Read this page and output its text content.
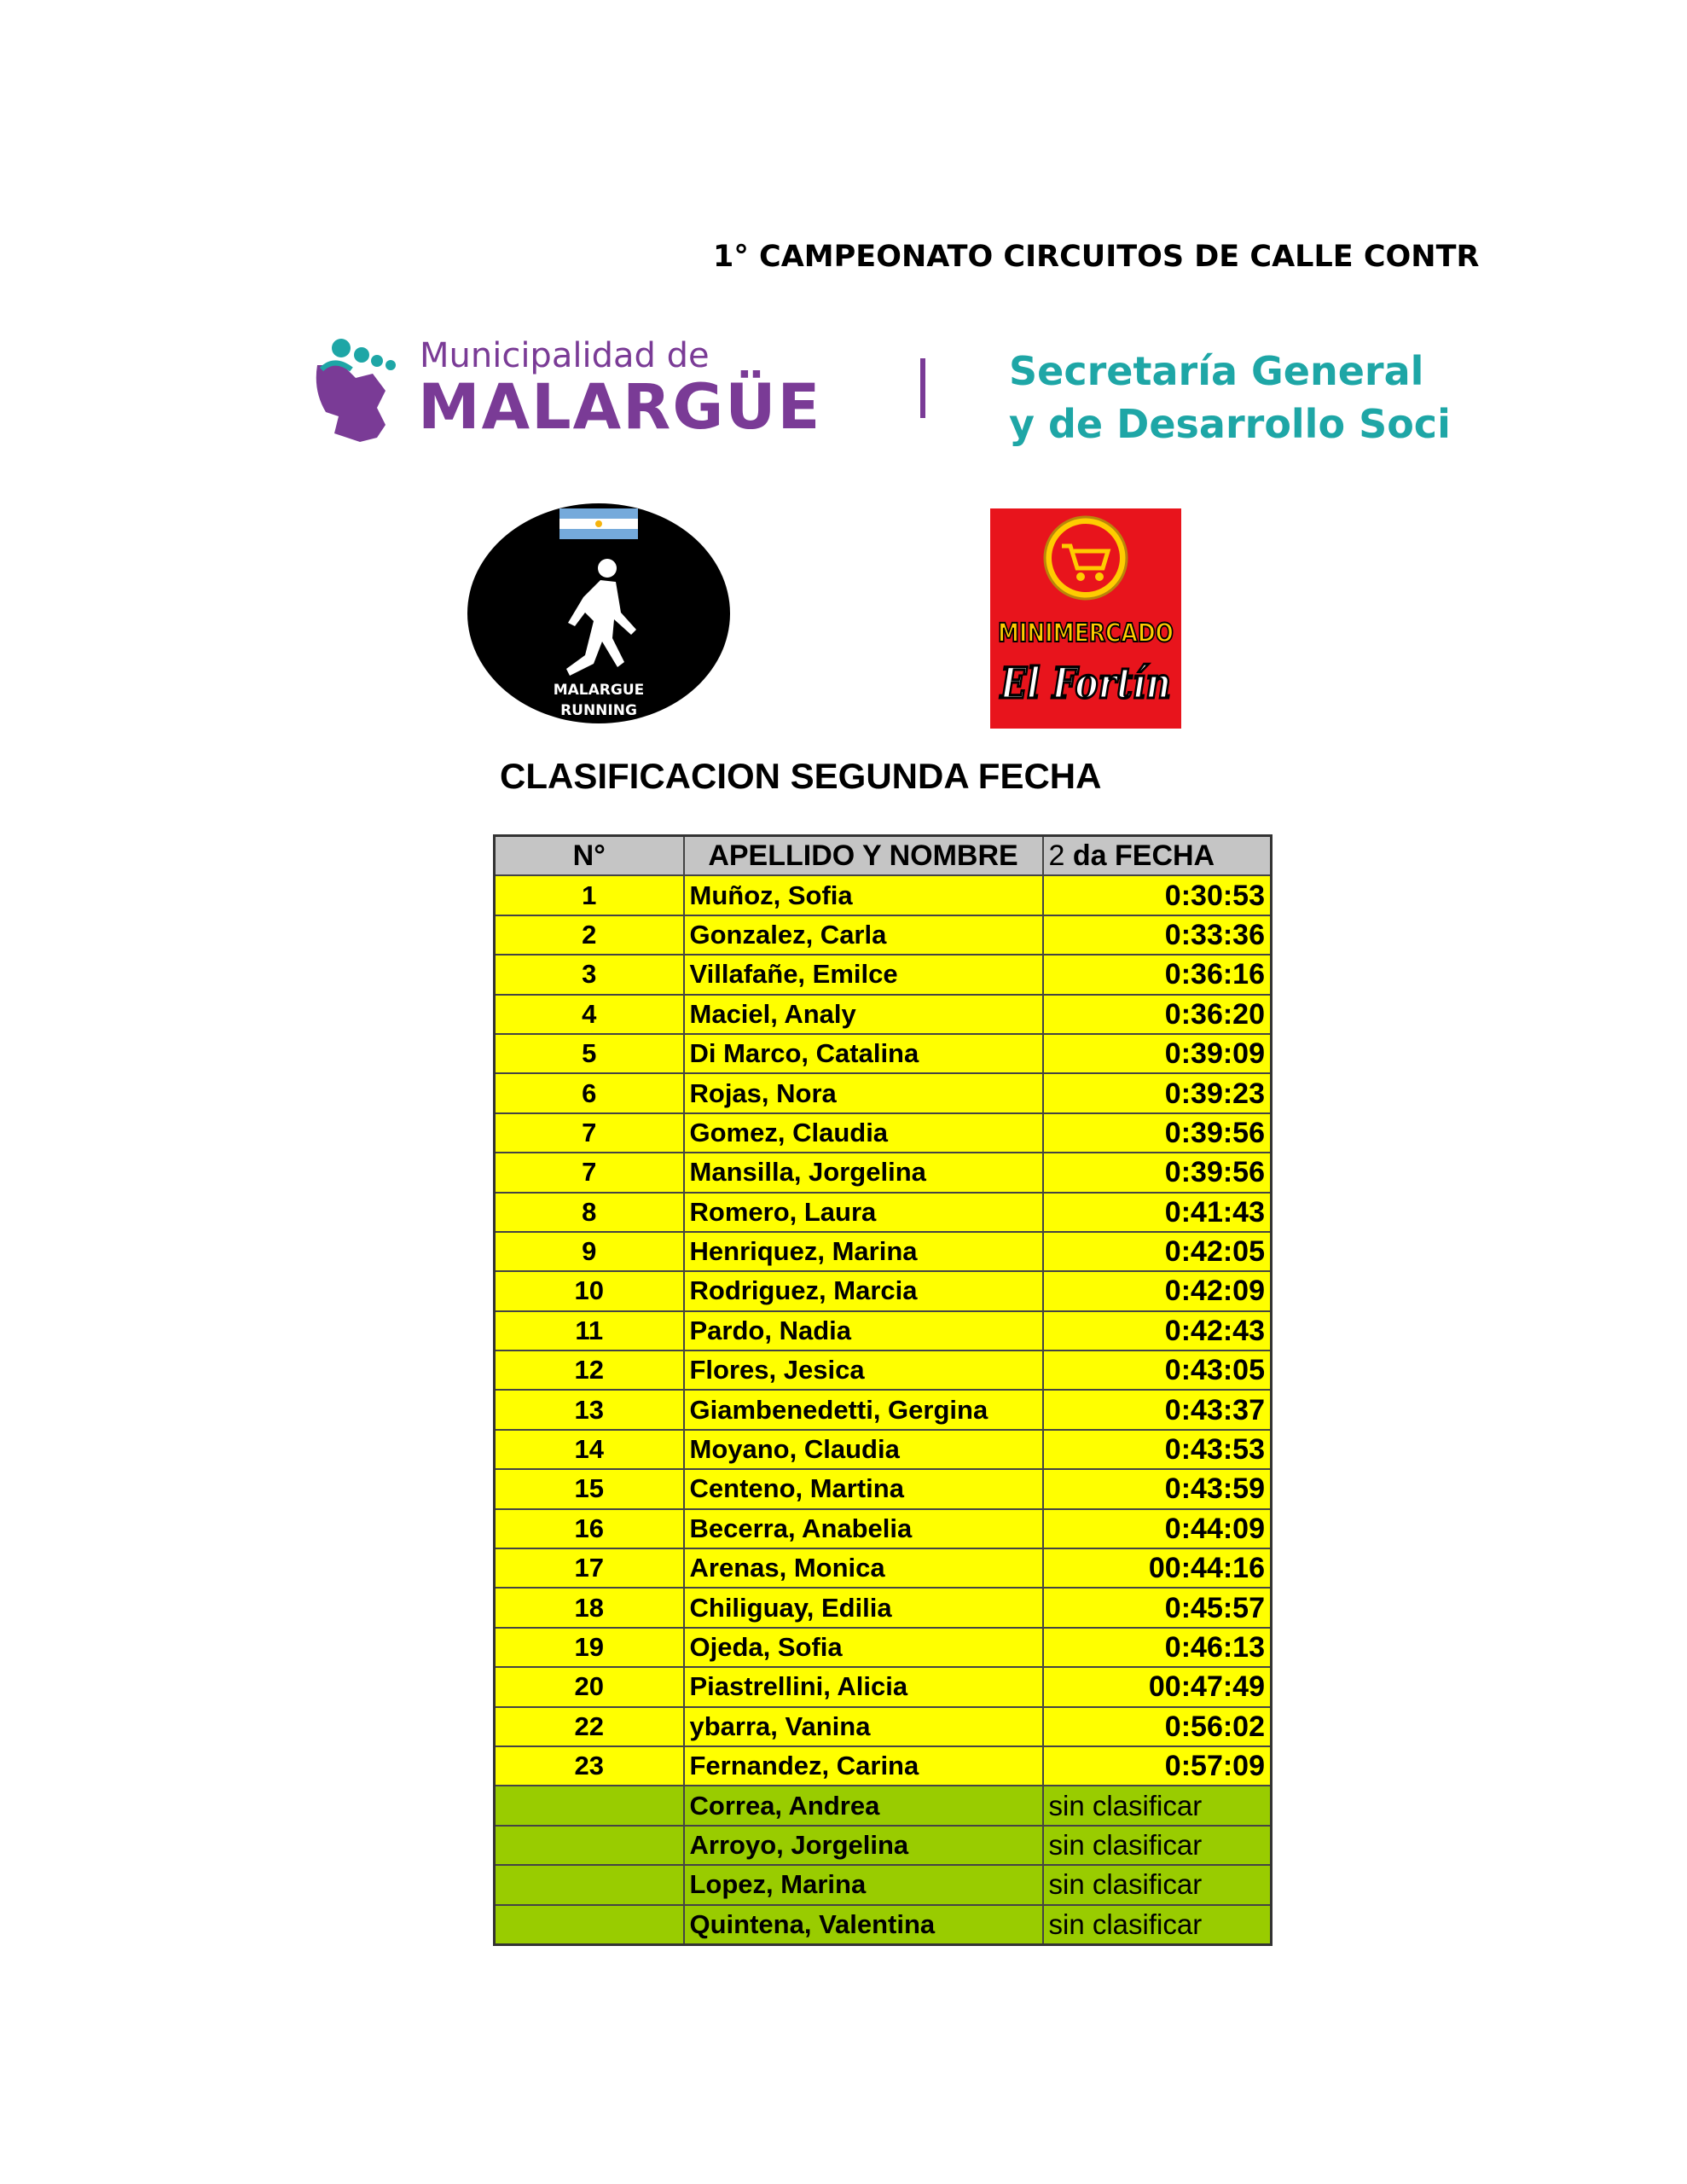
1° CAMPEONATO CIRCUITOS DE CALLE CONTR
Municipalidad de
MALARGÜE	Secretaría General
y de Desarrollo Soci
MALARGUE
RUNNING
MINIMERCADO
El Fortín
CLASIFICACION SEGUNDA FECHA
N°	APELLIDO Y NOMBRE	2 da FECHA
1	Muñoz, Sofia	0:30:53
2	Gonzalez, Carla	0:33:36
3	Villafañe, Emilce	0:36:16
4	Maciel, Analy	0:36:20
5	Di Marco, Catalina	0:39:09
6	Rojas, Nora	0:39:23
7	Gomez, Claudia	0:39:56
7	Mansilla, Jorgelina	0:39:56
8	Romero, Laura	0:41:43
9	Henriquez, Marina	0:42:05
10	Rodriguez, Marcia	0:42:09
11	Pardo, Nadia	0:42:43
12	Flores, Jesica	0:43:05
13	Giambenedetti, Gergina	0:43:37
14	Moyano, Claudia	0:43:53
15	Centeno, Martina	0:43:59
16	Becerra, Anabelia	0:44:09
17	Arenas, Monica	00:44:16
18	Chiliguay, Edilia	0:45:57
19	Ojeda, Sofia	0:46:13
20	Piastrellini, Alicia	00:47:49
22	ybarra, Vanina	0:56:02
23	Fernandez, Carina	0:57:09
	Correa, Andrea	sin clasificar
	Arroyo, Jorgelina	sin clasificar
	Lopez, Marina	sin clasificar
	Quintena, Valentina	sin clasificar
